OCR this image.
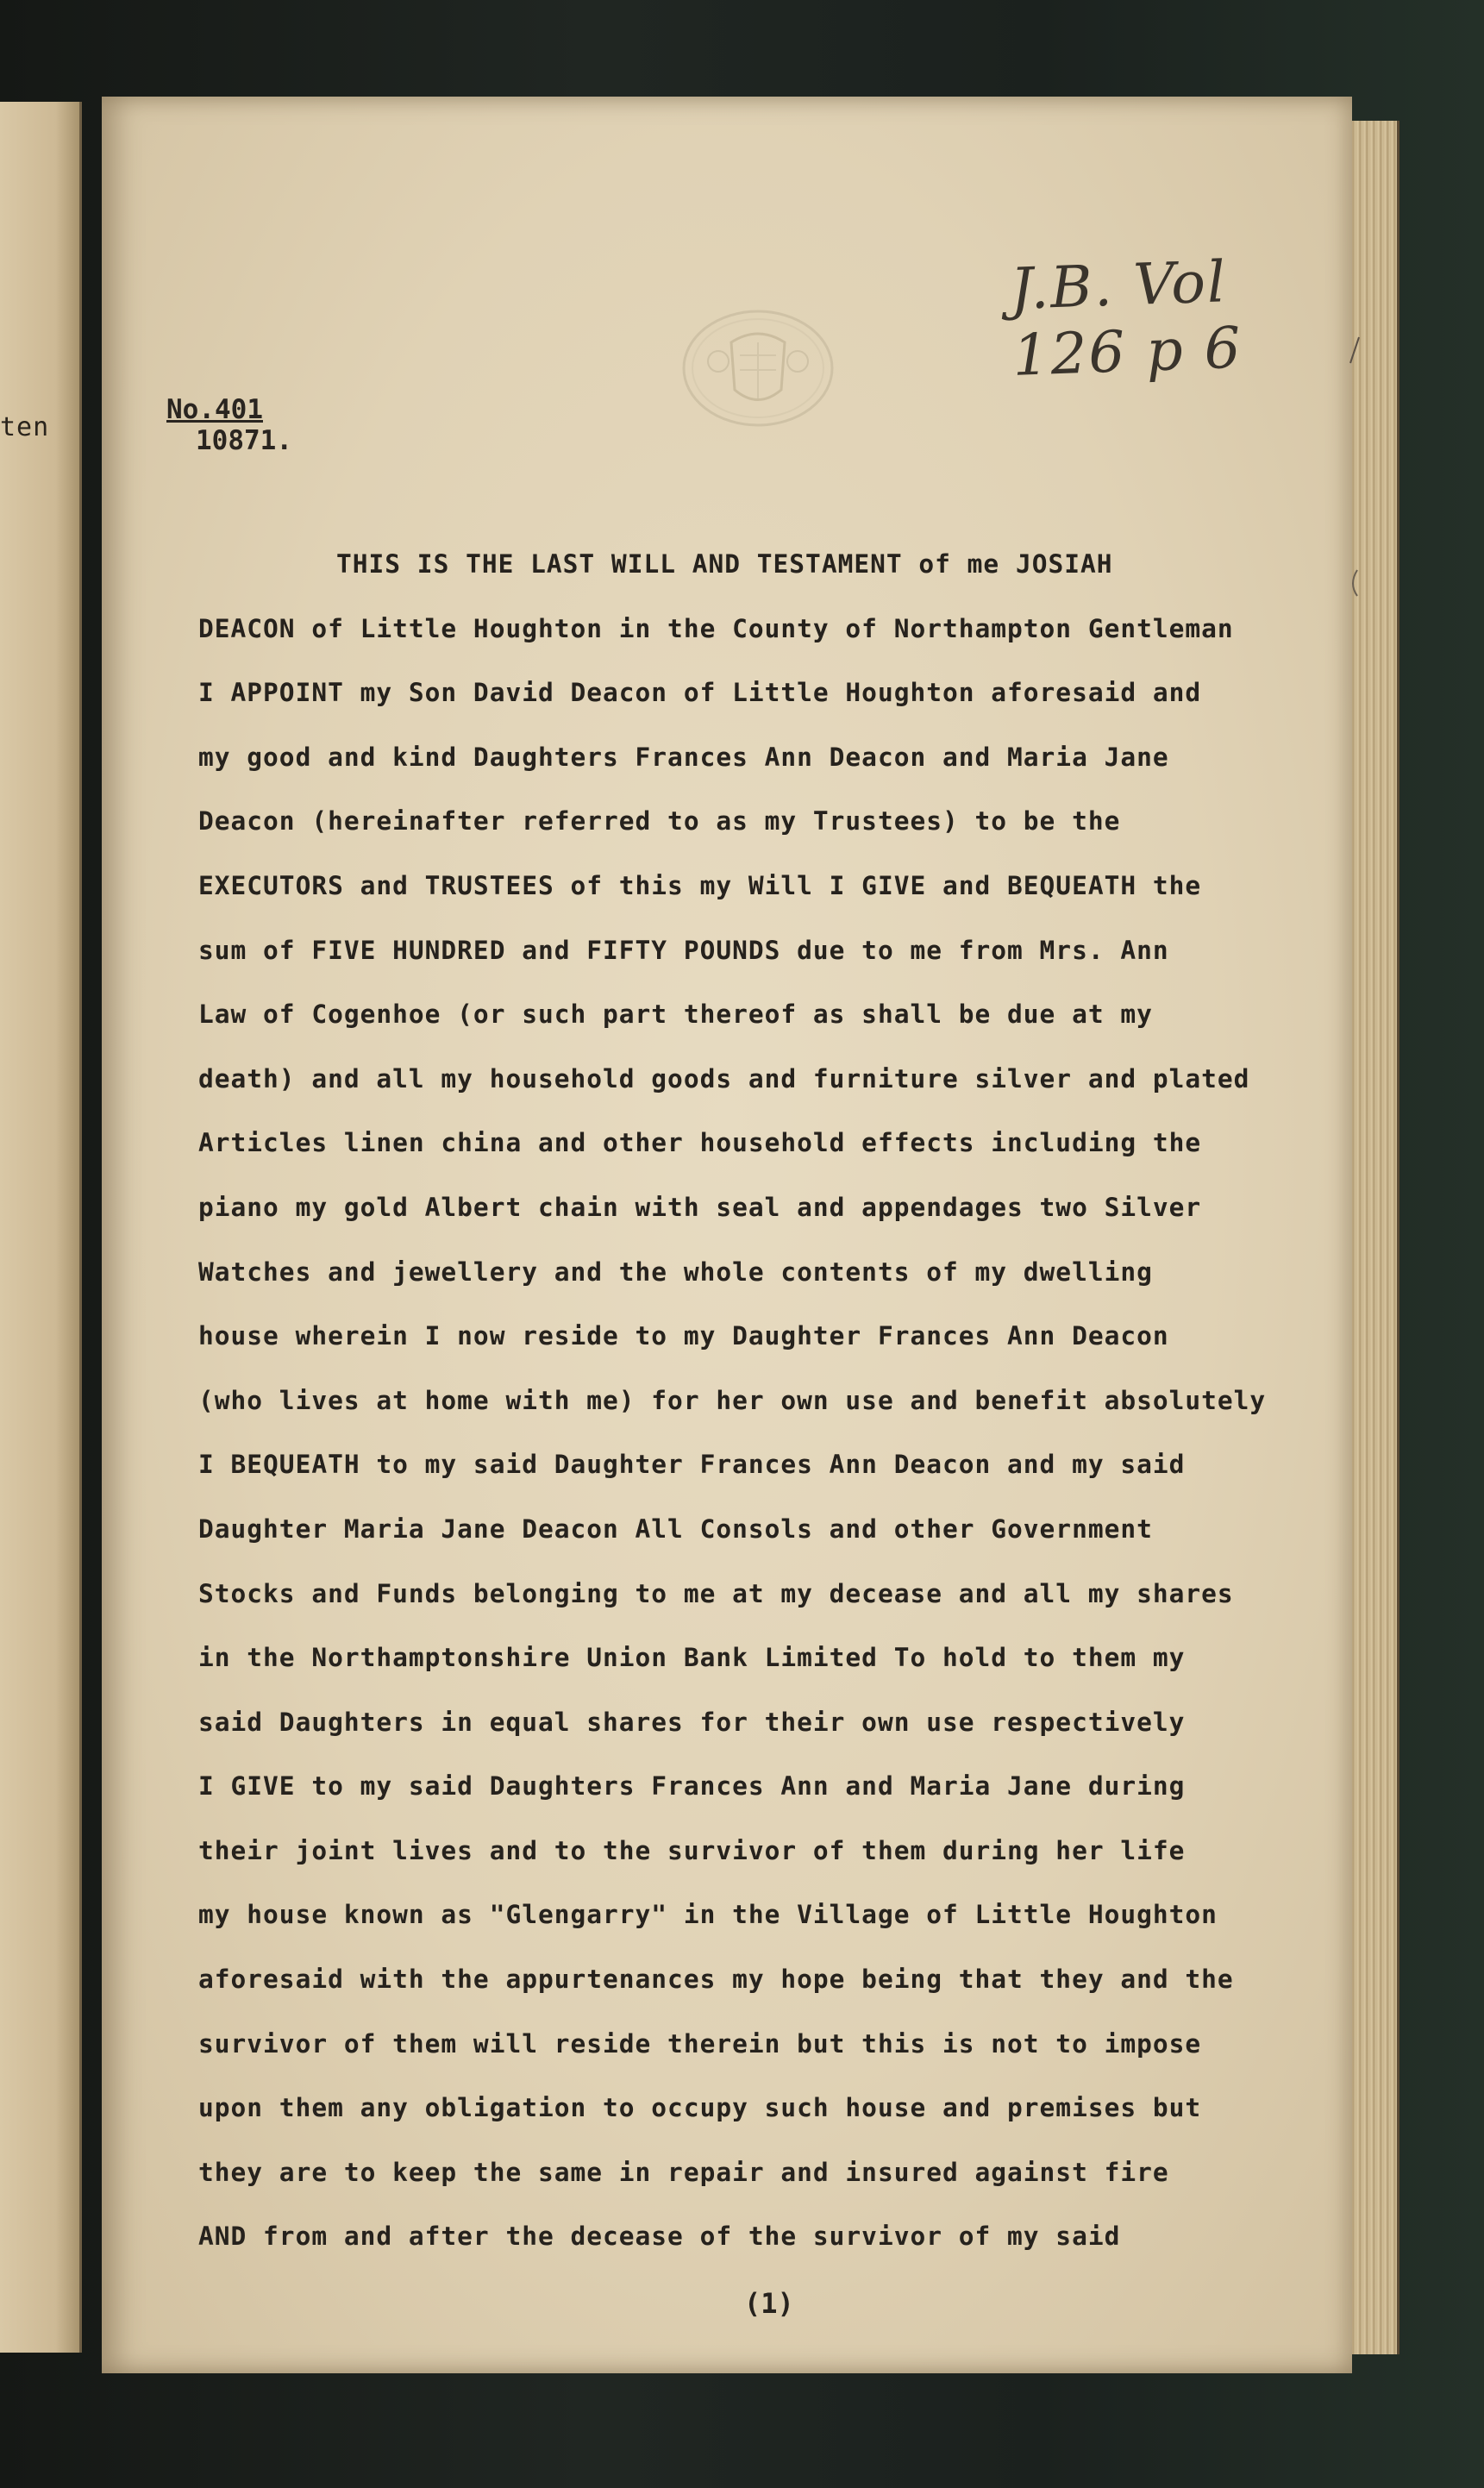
ten
J.B. Vol 126 p 6
No.401
10871.
THIS IS THE LAST WILL AND TESTAMENT of me JOSIAH
DEACON of Little Houghton in the County of Northampton Gentleman
I APPOINT my Son David Deacon of Little Houghton aforesaid and
my good and kind Daughters Frances Ann Deacon and Maria Jane
Deacon (hereinafter referred to as my Trustees) to be the
EXECUTORS and TRUSTEES of this my Will I GIVE and BEQUEATH the
sum of FIVE HUNDRED and FIFTY POUNDS due to me from Mrs. Ann
Law of Cogenhoe (or such part thereof as shall be due at my
death) and all my household goods and furniture silver and plated
Articles linen china and other household effects including the
piano my gold Albert chain with seal and appendages two Silver
Watches and jewellery and the whole contents of my dwelling
house wherein I now reside to my Daughter Frances Ann Deacon
(who lives at home with me) for her own use and benefit absolutely
I BEQUEATH to my said Daughter Frances Ann Deacon and my said
Daughter Maria Jane Deacon All Consols and other Government
Stocks and Funds belonging to me at my decease and all my shares
in the Northamptonshire Union Bank Limited To hold to them my
said Daughters in equal shares for their own use respectively
I GIVE to my said Daughters Frances Ann and Maria Jane during
their joint lives and to the survivor of them during her life
my house known as "Glengarry" in the Village of Little Houghton
aforesaid with the appurtenances my hope being that they and the
survivor of them will reside therein but this is not to impose
upon them any obligation to occupy such house and premises but
they are to keep the same in repair and insured against fire
AND from and after the decease of the survivor of my said
(1)
